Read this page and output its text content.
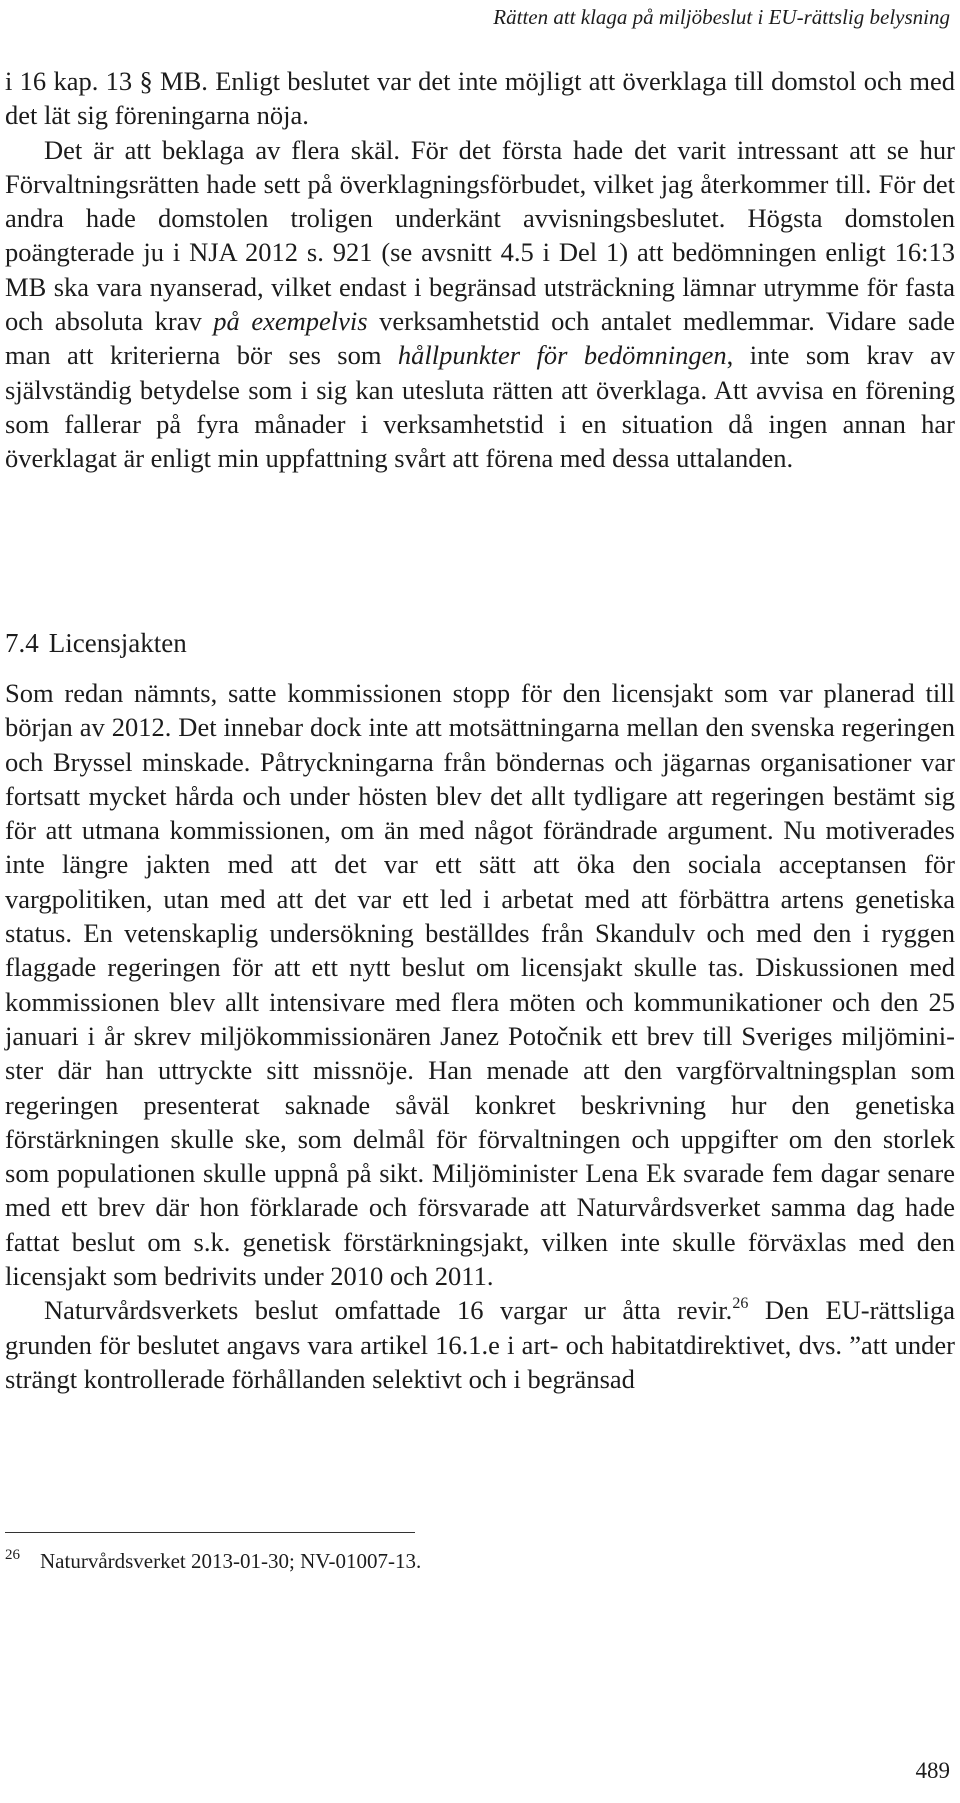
Rätten att klaga på miljöbeslut i EU-rättslig belysning

i 16 kap. 13 § MB. Enligt beslutet var det inte möjligt att överklaga till domstol och med det lät sig föreningarna nöja.

Det är att beklaga av flera skäl. För det första hade det varit intressant att se hur Förvaltningsrätten hade sett på överklagningsförbudet, vilket jag återkommer till. För det andra hade domstolen troligen underkänt avvisningsbeslutet. Högsta domstolen poängterade ju i NJA 2012 s. 921 (se avsnitt 4.5 i Del 1) att bedömningen enligt 16:13 MB ska vara nyanserad, vilket endast i begränsad utsträckning lämnar utrymme för fasta och absoluta krav på exempelvis verksamhetstid och antalet medlemmar. Vidare sade man att kriterierna bör ses som hållpunkter för bedömningen, inte som krav av självständig betydelse som i sig kan utesluta rätten att överklaga. Att avvisa en förening som fallerar på fyra månader i verksamhetstid i en situation då ingen annan har överklagat är enligt min uppfattning svårt att förena med dessa uttalanden.

7.4 Licensjakten

Som redan nämnts, satte kommissionen stopp för den licensjakt som var planerad till början av 2012. Det innebar dock inte att motsättningarna mellan den svenska regeringen och Bryssel minskade. Påtryckningarna från böndernas och jägarnas organisationer var fortsatt mycket hårda och under hösten blev det allt tydligare att regeringen bestämt sig för att utmana kommissionen, om än med något förändrade argument. Nu motiverades inte längre jakten med att det var ett sätt att öka den sociala acceptansen för vargpolitiken, utan med att det var ett led i arbetat med att förbättra artens genetiska status. En vetenskaplig undersökning beställdes från Skandulv och med den i ryggen flaggade regeringen för att ett nytt beslut om licensjakt skulle tas. Diskussionen med kommissionen blev allt intensivare med flera möten och kommunikationer och den 25 januari i år skrev miljökommissionären Janez Potočnik ett brev till Sveriges miljöminister där han uttryckte sitt missnöje. Han menade att den vargförvaltningsplan som regeringen presenterat saknade såväl konkret beskrivning hur den genetiska förstärkningen skulle ske, som delmål för förvaltningen och uppgifter om den storlek som populationen skulle uppnå på sikt. Miljöminister Lena Ek svarade fem dagar senare med ett brev där hon förklarade och försvarade att Naturvårdsverket samma dag hade fattat beslut om s.k. genetisk förstärkningsjakt, vilken inte skulle förväxlas med den licensjakt som bedrivits under 2010 och 2011.

Naturvårdsverkets beslut omfattade 16 vargar ur åtta revir.$^{26}$ Den EU-rättsliga grunden för beslutet angavs vara artikel 16.1.e i art- och habitatdirektivet, dvs. ”att under strängt kontrollerade förhållanden selektivt och i begränsad

26 Naturvårdsverket 2013-01-30; NV-01007-13.
489
